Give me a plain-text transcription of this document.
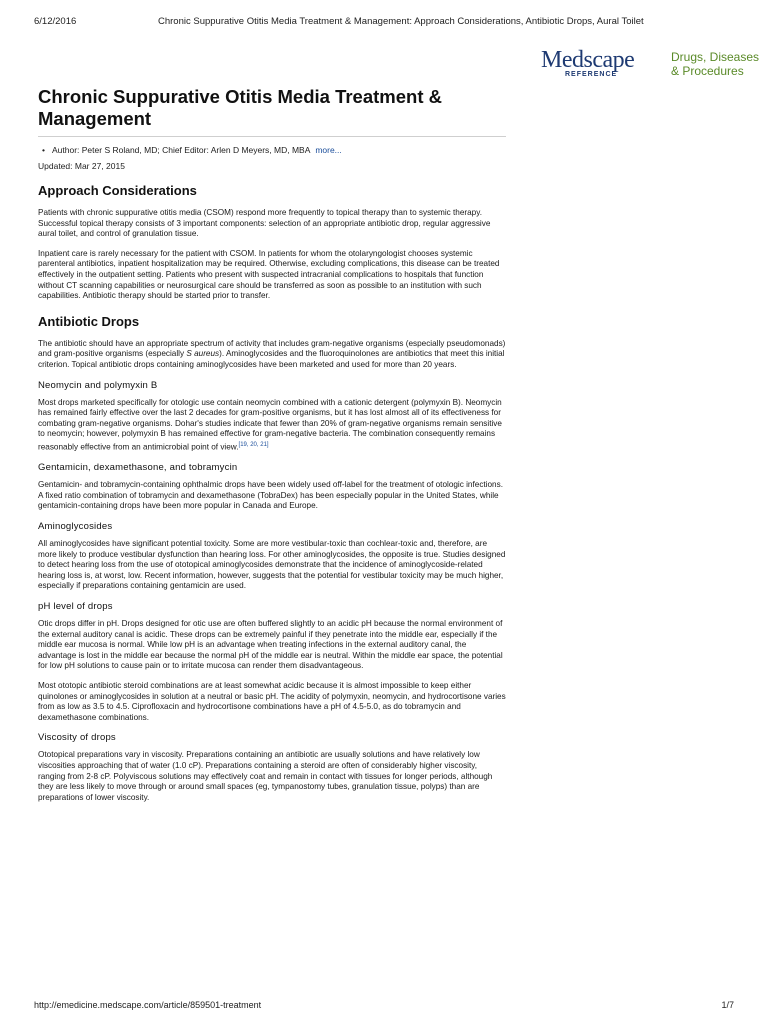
6/12/2016	Chronic Suppurative Otitis Media Treatment & Management: Approach Considerations, Antibiotic Drops, Aural Toilet
Medscape
REFERENCE
Drugs, Diseases
& Procedures
Chronic Suppurative Otitis Media Treatment & Management
• Author: Peter S Roland, MD; Chief Editor: Arlen D Meyers, MD, MBA more...
Updated: Mar 27, 2015
Approach Considerations

Patients with chronic suppurative otitis media (CSOM) respond more frequently to topical therapy than to systemic therapy. Successful topical therapy consists of 3 important components: selection of an appropriate antibiotic drop, regular aggressive aural toilet, and control of granulation tissue.

Inpatient care is rarely necessary for the patient with CSOM. In patients for whom the otolaryngologist chooses systemic parenteral antibiotics, inpatient hospitalization may be required. Otherwise, excluding complications, this disease can be treated effectively in the outpatient setting. Patients who present with suspected intracranial complications to hospitals that function without CT scanning capabilities or neurosurgical care should be transferred as soon as possible to an institution with such capabilities. Antibiotic therapy should be started prior to transfer.

Antibiotic Drops

The antibiotic should have an appropriate spectrum of activity that includes gram-negative organisms (especially pseudomonads) and gram-positive organisms (especially S aureus). Aminoglycosides and the fluoroquinolones are antibiotics that meet this initial criterion. Topical antibiotic drops containing aminoglycosides have been marketed and used for more than 20 years.

Neomycin and polymyxin B

Most drops marketed specifically for otologic use contain neomycin combined with a cationic detergent (polymyxin B). Neomycin has remained fairly effective over the last 2 decades for gram-positive organisms, but it has lost almost all of its effectiveness for combating gram-negative organisms. Dohar's studies indicate that fewer than 20% of gram-negative organisms remain sensitive to neomycin; however, polymyxin B has remained effective for gram-negative bacteria. The combination consequently remains reasonably effective from an antimicrobial point of view.[19, 20, 21]

Gentamicin, dexamethasone, and tobramycin

Gentamicin- and tobramycin-containing ophthalmic drops have been widely used off-label for the treatment of otologic infections. A fixed ratio combination of tobramycin and dexamethasone (TobraDex) has been especially popular in the United States, while gentamicin-containing drops have been more popular in Canada and Europe.

Aminoglycosides

All aminoglycosides have significant potential toxicity. Some are more vestibular-toxic than cochlear-toxic and, therefore, are more likely to produce vestibular dysfunction than hearing loss. For other aminoglycosides, the opposite is true. Studies designed to detect hearing loss from the use of ototopical aminoglycosides demonstrate that the incidence of aminoglycoside-related hearing loss is, at worst, low. Recent information, however, suggests that the potential for vestibular toxicity may be much higher, especially if preparations containing gentamicin are used.

pH level of drops

Otic drops differ in pH. Drops designed for otic use are often buffered slightly to an acidic pH because the normal environment of the external auditory canal is acidic. These drops can be extremely painful if they penetrate into the middle ear, especially if the middle ear mucosa is normal. While low pH is an advantage when treating infections in the external auditory canal, the advantage is lost in the middle ear because the normal pH of the middle ear is neutral. Within the middle ear space, the potential for low pH solutions to cause pain or to irritate mucosa can render them disadvantageous.

Most ototopic antibiotic steroid combinations are at least somewhat acidic because it is almost impossible to keep either quinolones or aminoglycosides in solution at a neutral or basic pH. The acidity of polymyxin, neomycin, and hydrocortisone varies from as low as 3.5 to 4.5. Ciprofloxacin and hydrocortisone combinations have a pH of 4.5-5.0, as do tobramycin and dexamethasone combinations.

Viscosity of drops

Ototopical preparations vary in viscosity. Preparations containing an antibiotic are usually solutions and have relatively low viscosities approaching that of water (1.0 cP). Preparations containing a steroid are often of considerably higher viscosity, ranging from 2-8 cP. Polyviscous solutions may effectively coat and remain in contact with tissues for longer periods, although they are less likely to move through or around small spaces (eg, tympanostomy tubes, granulation tissue, polyps) than are preparations of lower viscosity.

http://emedicine.medscape.com/article/859501-treatment	1/7
